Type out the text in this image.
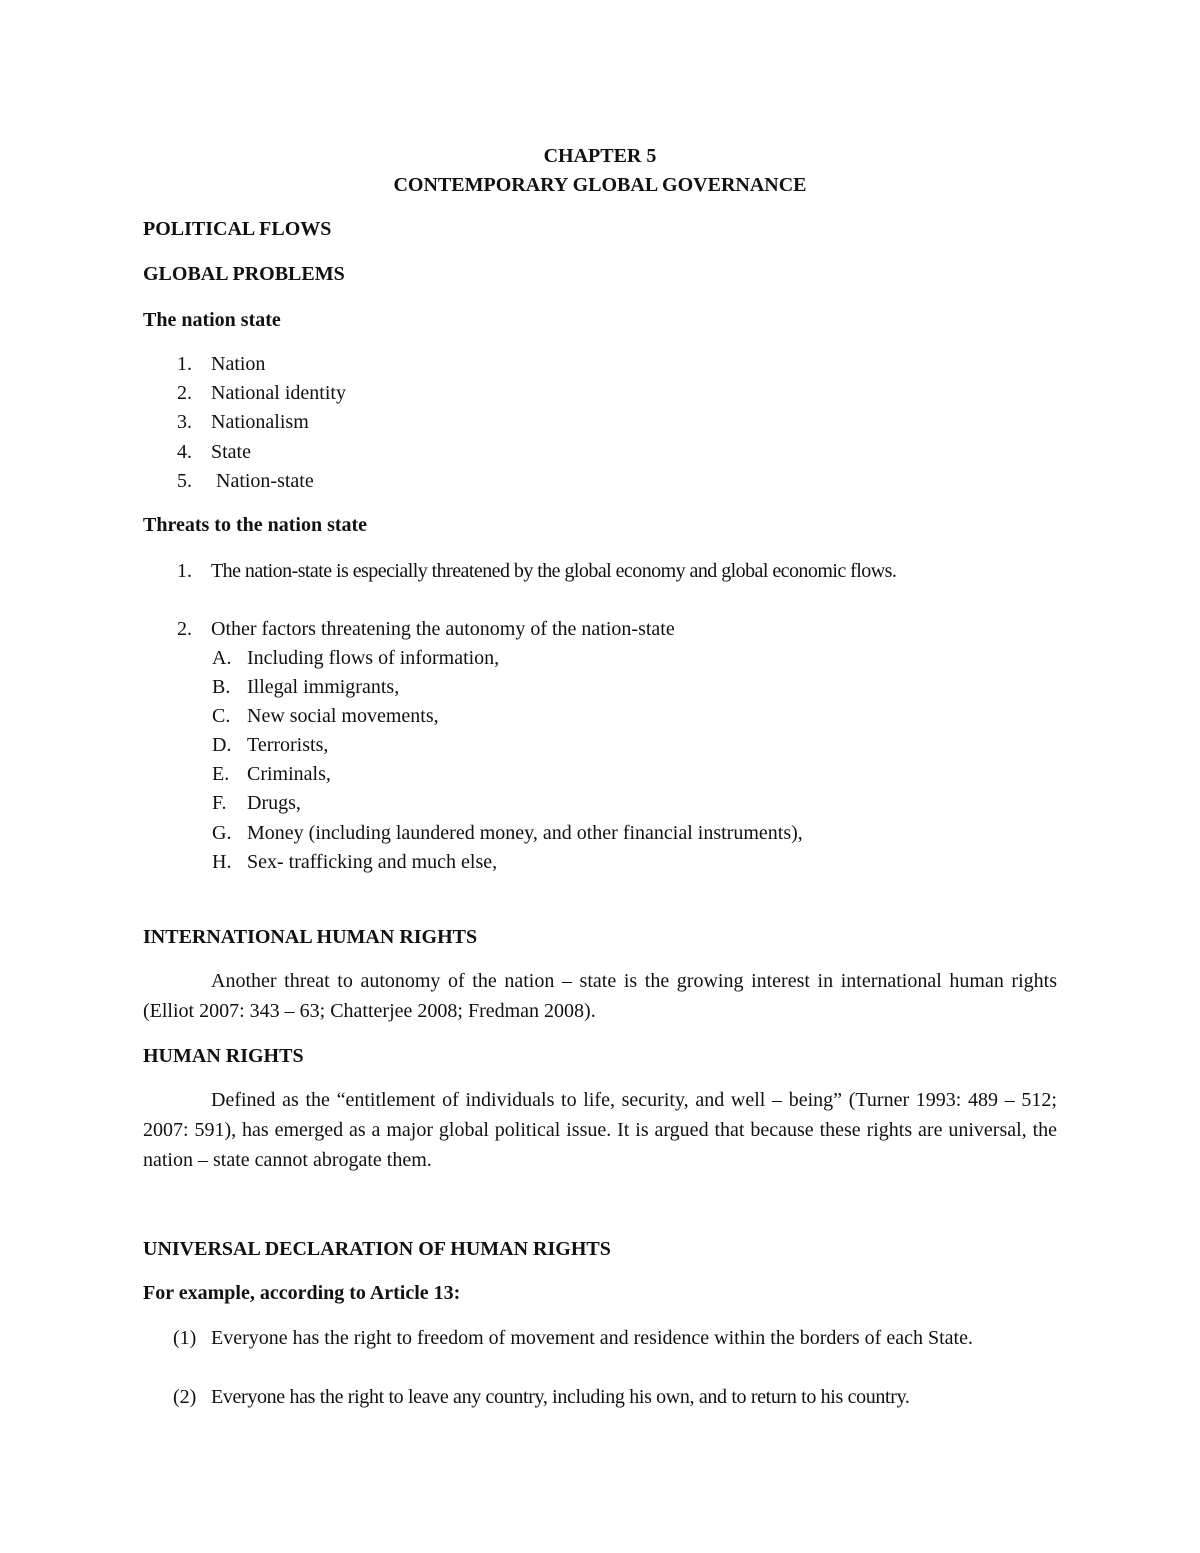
CHAPTER 5
CONTEMPORARY GLOBAL GOVERNANCE
POLITICAL FLOWS
GLOBAL PROBLEMS
The nation state
1. Nation
2. National identity
3. Nationalism
4. State
5. Nation-state
Threats to the nation state
1. The nation-state is especially threatened by the global economy and global economic flows.
2. Other factors threatening the autonomy of the nation-state
A. Including flows of information,
B. Illegal immigrants,
C. New social movements,
D. Terrorists,
E. Criminals,
F. Drugs,
G. Money (including laundered money, and other financial instruments),
H. Sex- trafficking and much else,
INTERNATIONAL HUMAN RIGHTS
Another threat to autonomy of the nation – state is the growing interest in international human rights (Elliot 2007: 343 – 63; Chatterjee 2008; Fredman 2008).
HUMAN RIGHTS
Defined as the “entitlement of individuals to life, security, and well – being” (Turner 1993: 489 – 512; 2007: 591), has emerged as a major global political issue. It is argued that because these rights are universal, the nation – state cannot abrogate them.
UNIVERSAL DECLARATION OF HUMAN RIGHTS
For example, according to Article 13:
(1) Everyone has the right to freedom of movement and residence within the borders of each State.
(2) Everyone has the right to leave any country, including his own, and to return to his country.
